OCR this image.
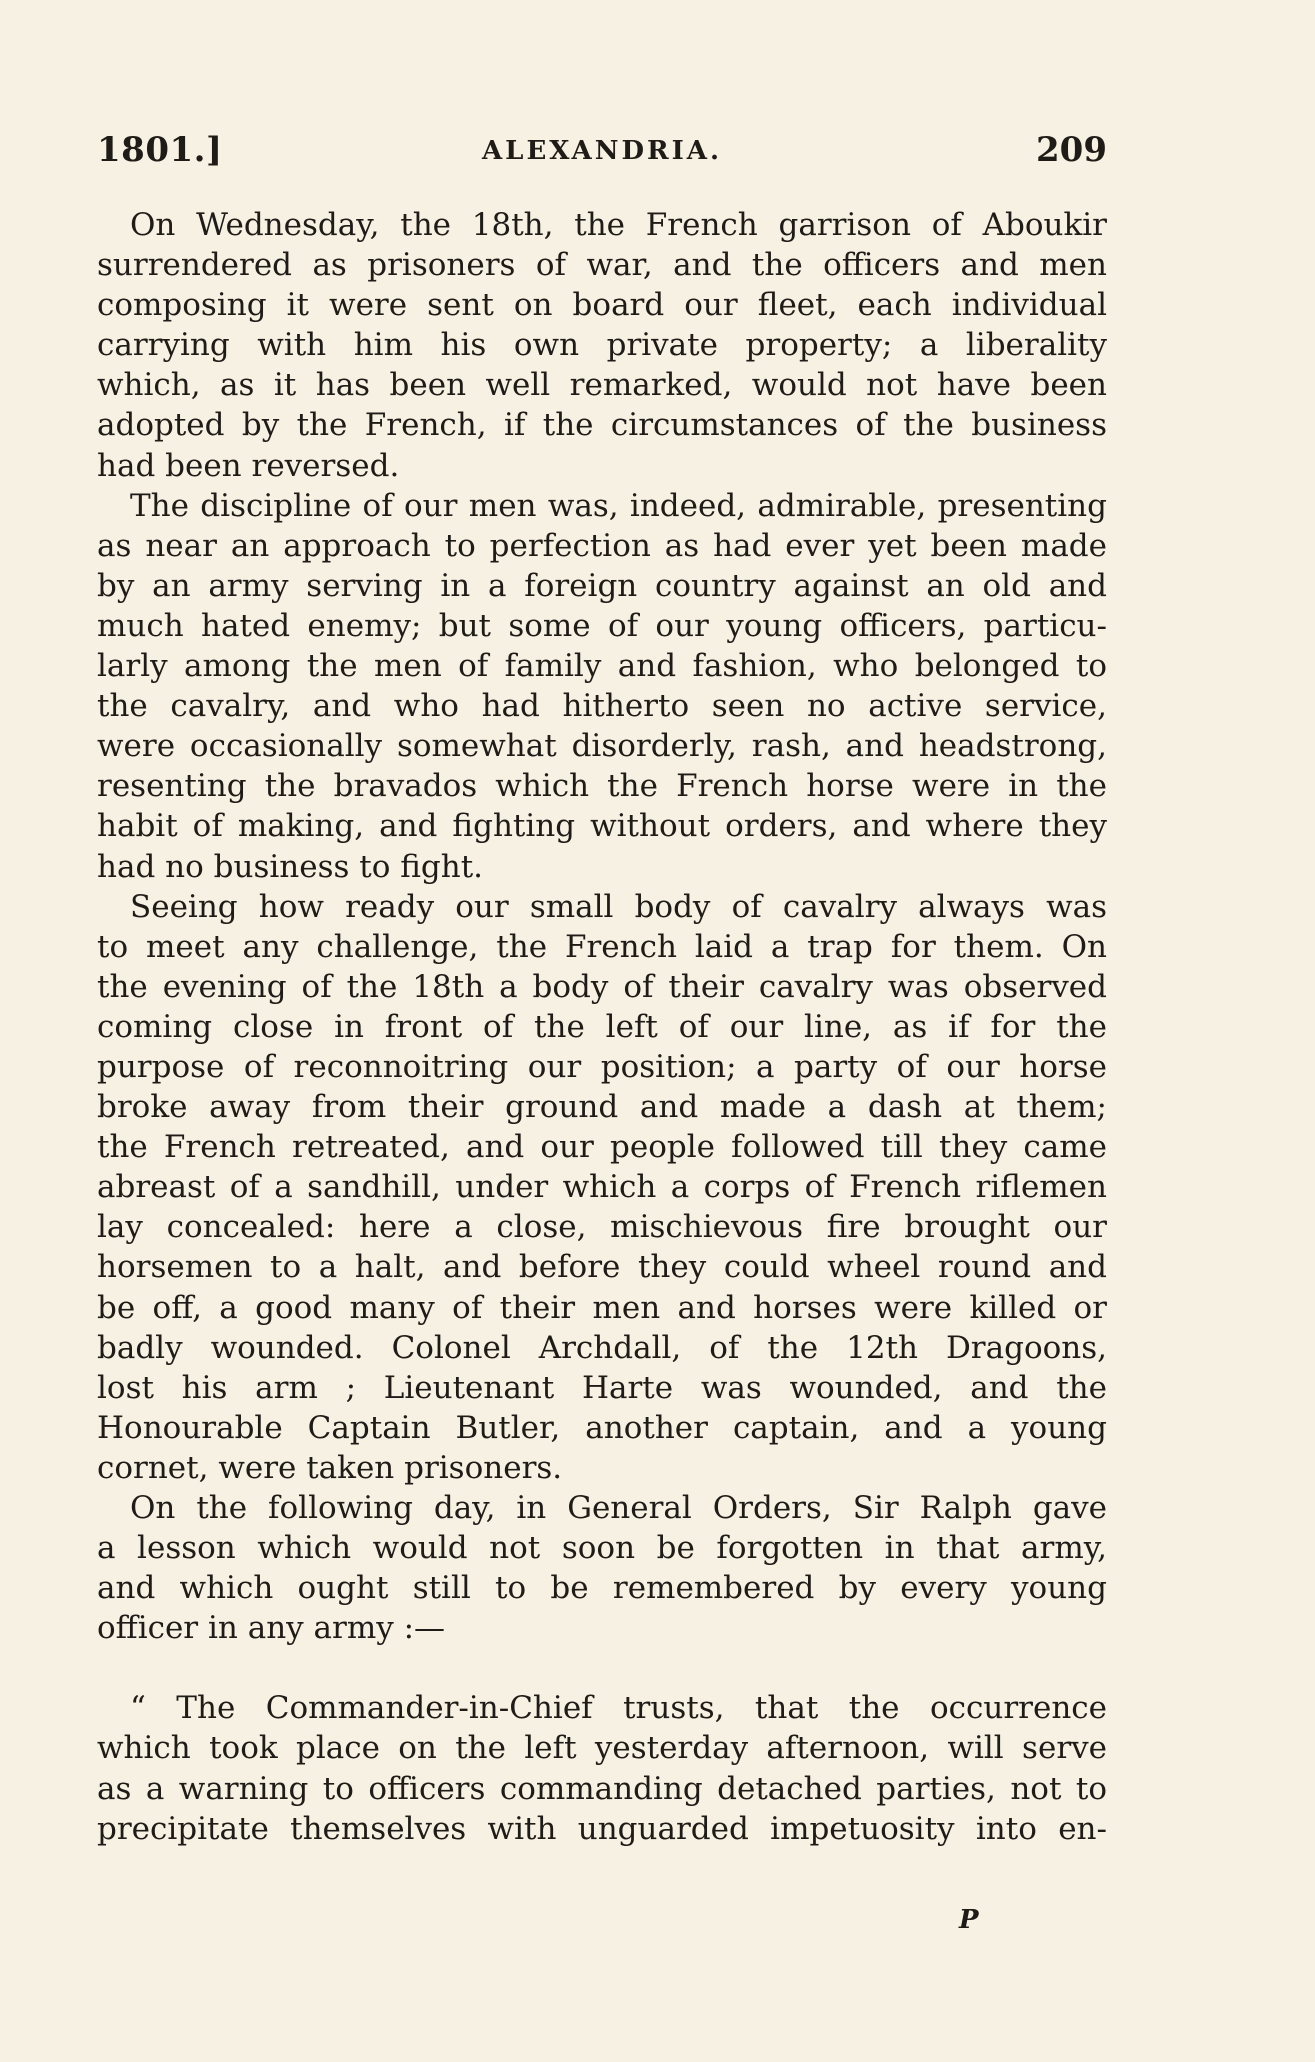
1801.]	ALEXANDRIA.	209
On Wednesday, the 18th, the French garrison of Aboukir
surrendered as prisoners of war, and the officers and men
composing it were sent on board our fleet, each individual
carrying with him his own private property; a liberality
which, as it has been well remarked, would not have been
adopted by the French, if the circumstances of the business
had been reversed.
The discipline of our men was, indeed, admirable, presenting
as near an approach to perfection as had ever yet been made
by an army serving in a foreign country against an old and
much hated enemy; but some of our young officers, particu-
larly among the men of family and fashion, who belonged to
the cavalry, and who had hitherto seen no active service,
were occasionally somewhat disorderly, rash, and headstrong,
resenting the bravados which the French horse were in the
habit of making, and fighting without orders, and where they
had no business to fight.
Seeing how ready our small body of cavalry always was
to meet any challenge, the French laid a trap for them. On
the evening of the 18th a body of their cavalry was observed
coming close in front of the left of our line, as if for the
purpose of reconnoitring our position; a party of our horse
broke away from their ground and made a dash at them;
the French retreated, and our people followed till they came
abreast of a sandhill, under which a corps of French riflemen
lay concealed: here a close, mischievous fire brought our
horsemen to a halt, and before they could wheel round and
be off, a good many of their men and horses were killed or
badly wounded. Colonel Archdall, of the 12th Dragoons,
lost his arm ; Lieutenant Harte was wounded, and the
Honourable Captain Butler, another captain, and a young
cornet, were taken prisoners.
On the following day, in General Orders, Sir Ralph gave
a lesson which would not soon be forgotten in that army,
and which ought still to be remembered by every young
officer in any army :—
“ The Commander-in-Chief trusts, that the occurrence
which took place on the left yesterday afternoon, will serve
as a warning to officers commanding detached parties, not to
precipitate themselves with unguarded impetuosity into en-
P
